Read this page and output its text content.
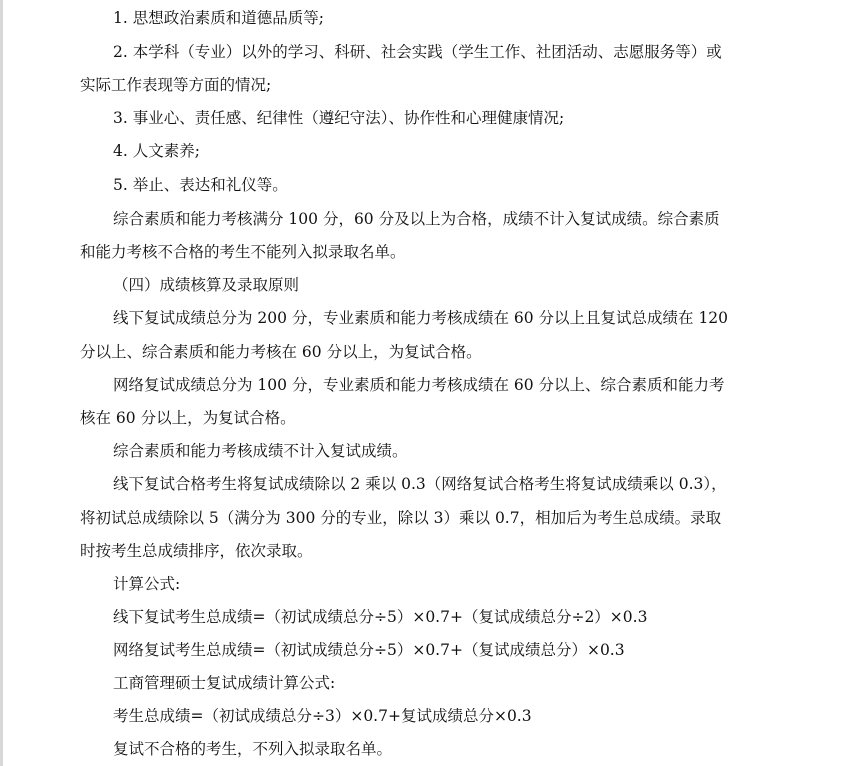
1. 思想政治素质和道德品质等;
2. 本学科（专业）以外的学习、科研、社会实践（学生工作、社团活动、志愿服务等）或
实际工作表现等方面的情况;
3. 事业心、责任感、纪律性（遵纪守法）、协作性和心理健康情况;
4. 人文素养;
5. 举止、表达和礼仪等。
综合素质和能力考核满分 100 分，60 分及以上为合格，成绩不计入复试成绩。综合素质
和能力考核不合格的考生不能列入拟录取名单。
（四）成绩核算及录取原则
线下复试成绩总分为 200 分，专业素质和能力考核成绩在 60 分以上且复试总成绩在 120
分以上、综合素质和能力考核在 60 分以上，为复试合格。
网络复试成绩总分为 100 分，专业素质和能力考核成绩在 60 分以上、综合素质和能力考
核在 60 分以上，为复试合格。
综合素质和能力考核成绩不计入复试成绩。
线下复试合格考生将复试成绩除以 2 乘以 0.3（网络复试合格考生将复试成绩乘以 0.3），
将初试总成绩除以 5（满分为 300 分的专业，除以 3）乘以 0.7，相加后为考生总成绩。录取
时按考生总成绩排序，依次录取。
计算公式:
线下复试考生总成绩=（初试成绩总分÷5）×0.7+（复试成绩总分÷2）×0.3
网络复试考生总成绩=（初试成绩总分÷5）×0.7+（复试成绩总分）×0.3
工商管理硕士复试成绩计算公式:
考生总成绩=（初试成绩总分÷3）×0.7+复试成绩总分×0.3
复试不合格的考生，不列入拟录取名单。
